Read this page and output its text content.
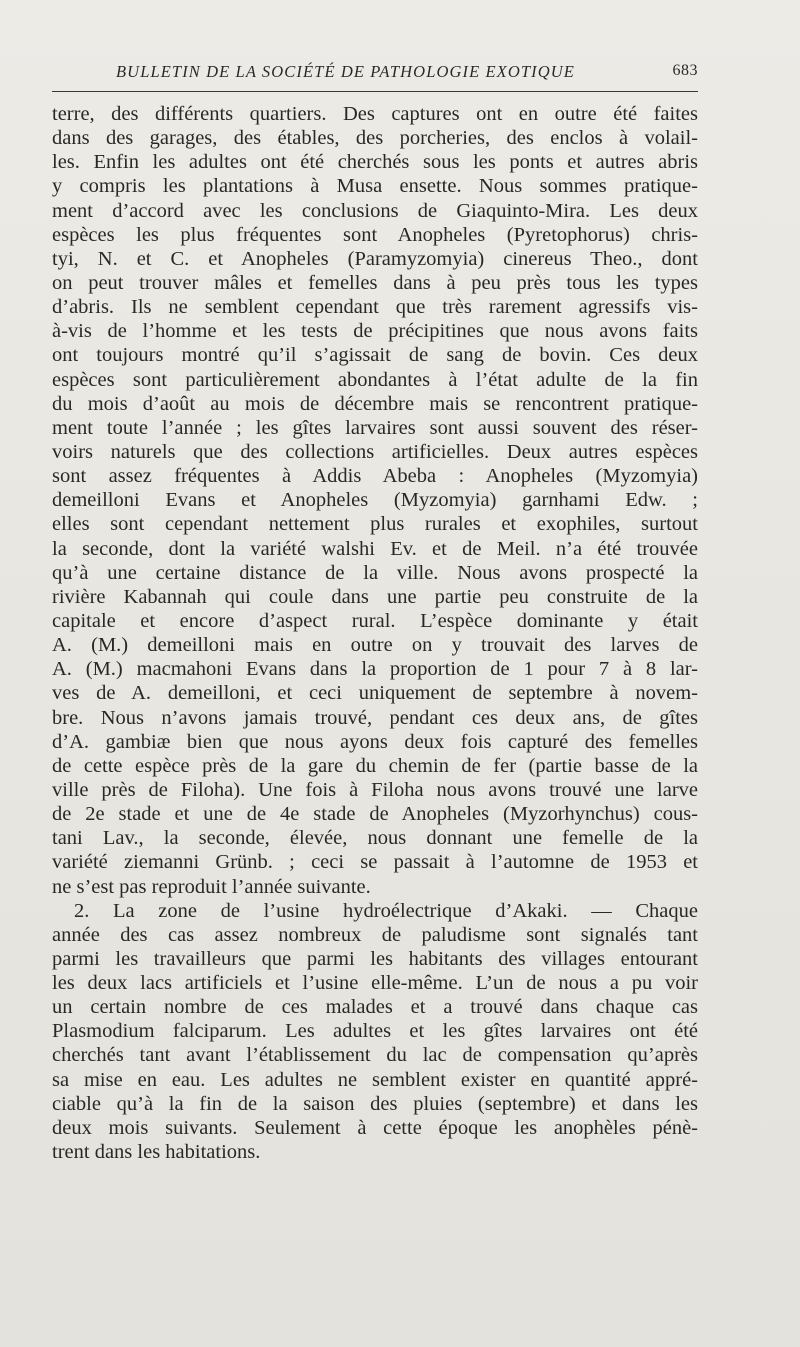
BULLETIN DE LA SOCIÉTÉ DE PATHOLOGIE EXOTIQUE	683
terre, des différents quartiers. Des captures ont en outre été faites
dans des garages, des étables, des porcheries, des enclos à volail-
les. Enfin les adultes ont été cherchés sous les ponts et autres abris
y compris les plantations à Musa ensette. Nous sommes pratique-
ment d’accord avec les conclusions de Giaquinto-Mira. Les deux
espèces les plus fréquentes sont Anopheles (Pyretophorus) chris-
tyi, N. et C. et Anopheles (Paramyzomyia) cinereus Theo., dont
on peut trouver mâles et femelles dans à peu près tous les types
d’abris. Ils ne semblent cependant que très rarement agressifs vis-
à-vis de l’homme et les tests de précipitines que nous avons faits
ont toujours montré qu’il s’agissait de sang de bovin. Ces deux
espèces sont particulièrement abondantes à l’état adulte de la fin
du mois d’août au mois de décembre mais se rencontrent pratique-
ment toute l’année ; les gîtes larvaires sont aussi souvent des réser-
voirs naturels que des collections artificielles. Deux autres espèces
sont assez fréquentes à Addis Abeba : Anopheles (Myzomyia)
demeilloni Evans et Anopheles (Myzomyia) garnhami Edw. ;
elles sont cependant nettement plus rurales et exophiles, surtout
la seconde, dont la variété walshi Ev. et de Meil. n’a été trouvée
qu’à une certaine distance de la ville. Nous avons prospecté la
rivière Kabannah qui coule dans une partie peu construite de la
capitale et encore d’aspect rural. L’espèce dominante y était
A. (M.) demeilloni mais en outre on y trouvait des larves de
A. (M.) macmahoni Evans dans la proportion de 1 pour 7 à 8 lar-
ves de A. demeilloni, et ceci uniquement de septembre à novem-
bre. Nous n’avons jamais trouvé, pendant ces deux ans, de gîtes
d’A. gambiæ bien que nous ayons deux fois capturé des femelles
de cette espèce près de la gare du chemin de fer (partie basse de la
ville près de Filoha). Une fois à Filoha nous avons trouvé une larve
de 2e stade et une de 4e stade de Anopheles (Myzorhynchus) cous-
tani Lav., la seconde, élevée, nous donnant une femelle de la
variété ziemanni Grünb. ; ceci se passait à l’automne de 1953 et
ne s’est pas reproduit l’année suivante.
2. La zone de l’usine hydroélectrique d’Akaki. — Chaque
année des cas assez nombreux de paludisme sont signalés tant
parmi les travailleurs que parmi les habitants des villages entourant
les deux lacs artificiels et l’usine elle-même. L’un de nous a pu voir
un certain nombre de ces malades et a trouvé dans chaque cas
Plasmodium falciparum. Les adultes et les gîtes larvaires ont été
cherchés tant avant l’établissement du lac de compensation qu’après
sa mise en eau. Les adultes ne semblent exister en quantité appré-
ciable qu’à la fin de la saison des pluies (septembre) et dans les
deux mois suivants. Seulement à cette époque les anophèles pénè-
trent dans les habitations.
